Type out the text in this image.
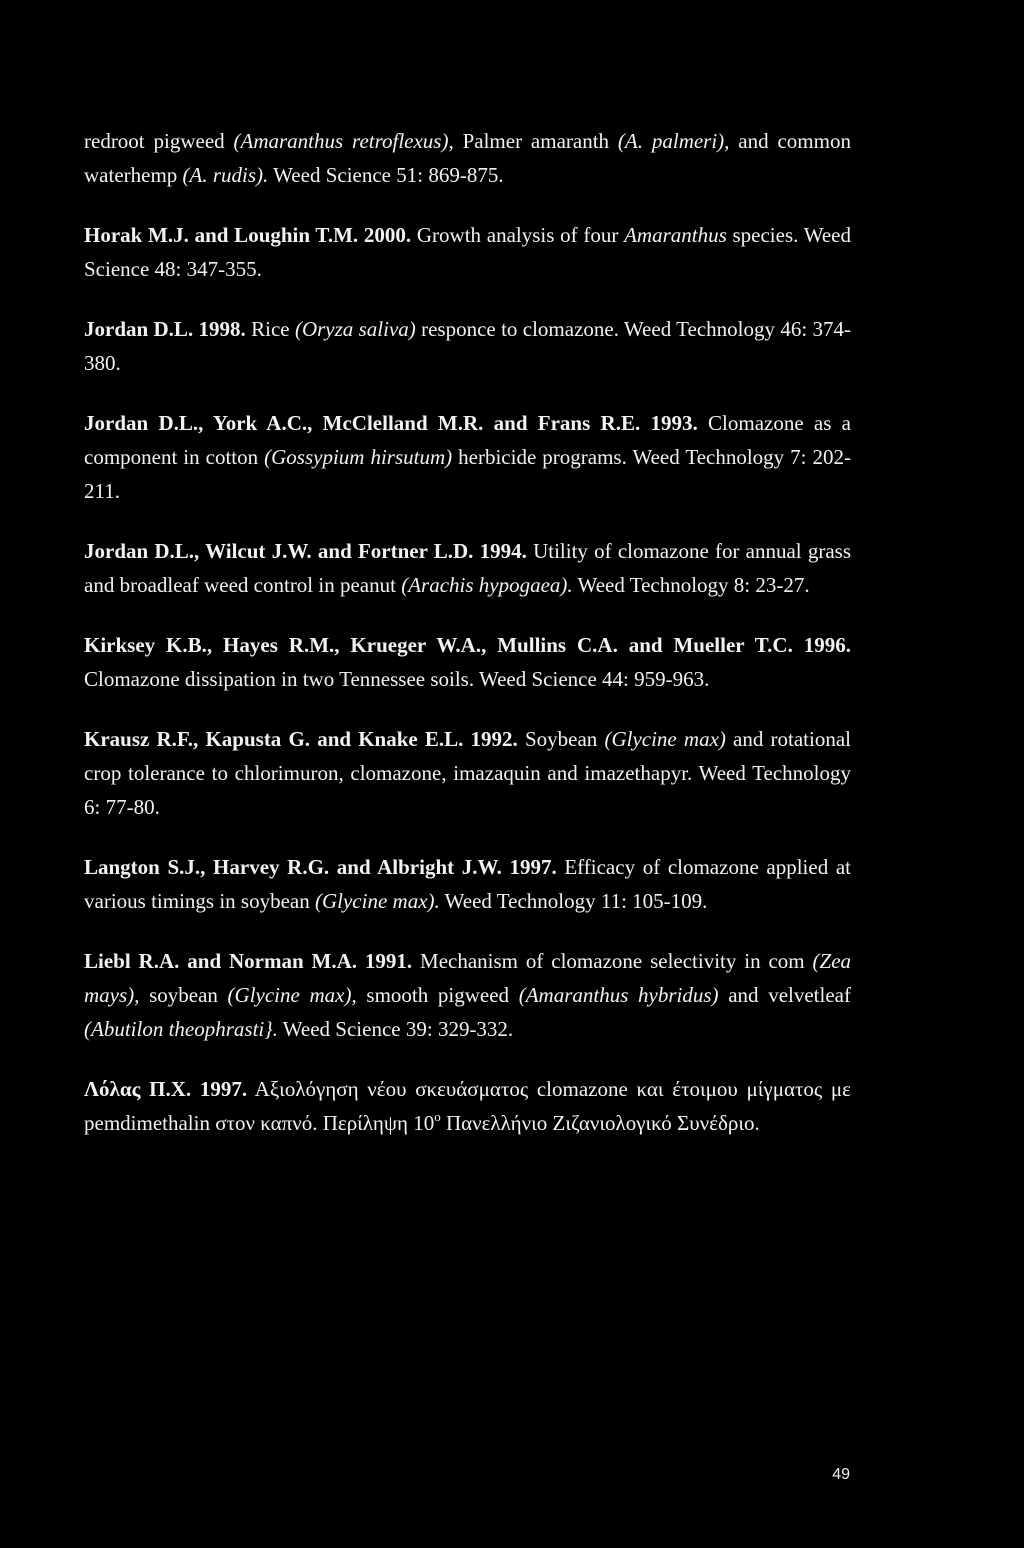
redroot pigweed (Amaranthus retroflexus), Palmer amaranth (A. palmeri), and common waterhemp (A. rudis). Weed Science 51: 869-875.

Horak M.J. and Loughin T.M. 2000. Growth analysis of four Amaranthus species. Weed Science 48: 347-355.

Jordan D.L. 1998. Rice (Oryza saliva) responce to clomazone. Weed Technology 46: 374-380.

Jordan D.L., York A.C., McClelland M.R. and Frans R.E. 1993. Clomazone as a component in cotton (Gossypium hirsutum) herbicide programs. Weed Technology 7: 202-211.

Jordan D.L., Wilcut J.W. and Fortner L.D. 1994. Utility of clomazone for annual grass and broadleaf weed control in peanut (Arachis hypogaea). Weed Technology 8: 23-27.

Kirksey K.B., Hayes R.M., Krueger W.A., Mullins C.A. and Mueller T.C. 1996. Clomazone dissipation in two Tennessee soils. Weed Science 44: 959-963.

Krausz R.F., Kapusta G. and Knake E.L. 1992. Soybean (Glycine max) and rotational crop tolerance to chlorimuron, clomazone, imazaquin and imazethapyr. Weed Technology 6: 77-80.

Langton S.J., Harvey R.G. and Albright J.W. 1997. Efficacy of clomazone applied at various timings in soybean (Glycine max). Weed Technology 11: 105-109.

Liebl R.A. and Norman M.A. 1991. Mechanism of clomazone selectivity in com (Zea mays), soybean (Glycine max), smooth pigweed (Amaranthus hybridus) and velvetleaf (Abutilon theophrasti}. Weed Science 39: 329-332.

Λόλας Π.Χ. 1997. Αξιολόγηση νέου σκευάσματος clomazone και έτοιμου μίγματος με pemdimethalin στον καπνό. Περίληψη $10^o$ Πανελλήνιο Ζιζανιολογικό Συνέδριο.

49
